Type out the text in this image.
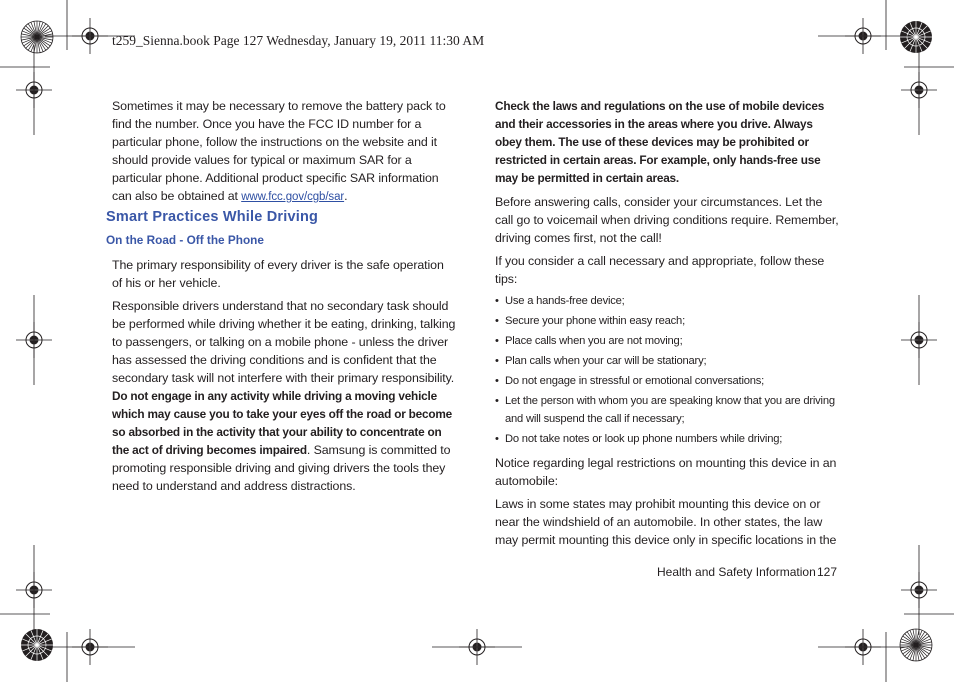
t259_Sienna.book Page 127 Wednesday, January 19, 2011 11:30 AM

Sometimes it may be necessary to remove the battery pack to find the number. Once you have the FCC ID number for a particular phone, follow the instructions on the website and it should provide values for typical or maximum SAR for a particular phone. Additional product specific SAR information can also be obtained at www.fcc.gov/cgb/sar.

Smart Practices While Driving
On the Road - Off the Phone

The primary responsibility of every driver is the safe operation of his or her vehicle.

Responsible drivers understand that no secondary task should be performed while driving whether it be eating, drinking, talking to passengers, or talking on a mobile phone - unless the driver has assessed the driving conditions and is confident that the secondary task will not interfere with their primary responsibility. Do not engage in any activity while driving a moving vehicle which may cause you to take your eyes off the road or become so absorbed in the activity that your ability to concentrate on the act of driving becomes impaired. Samsung is committed to promoting responsible driving and giving drivers the tools they need to understand and address distractions.

Check the laws and regulations on the use of mobile devices and their accessories in the areas where you drive. Always obey them. The use of these devices may be prohibited or restricted in certain areas. For example, only hands-free use may be permitted in certain areas.

Before answering calls, consider your circumstances. Let the call go to voicemail when driving conditions require. Remember, driving comes first, not the call!

If you consider a call necessary and appropriate, follow these tips:

• Use a hands-free device;
• Secure your phone within easy reach;
• Place calls when you are not moving;
• Plan calls when your car will be stationary;
• Do not engage in stressful or emotional conversations;
• Let the person with whom you are speaking know that you are driving and will suspend the call if necessary;
• Do not take notes or look up phone numbers while driving;

Notice regarding legal restrictions on mounting this device in an automobile:

Laws in some states may prohibit mounting this device on or near the windshield of an automobile. In other states, the law may permit mounting this device only in specific locations in the

Health and Safety Information 127
